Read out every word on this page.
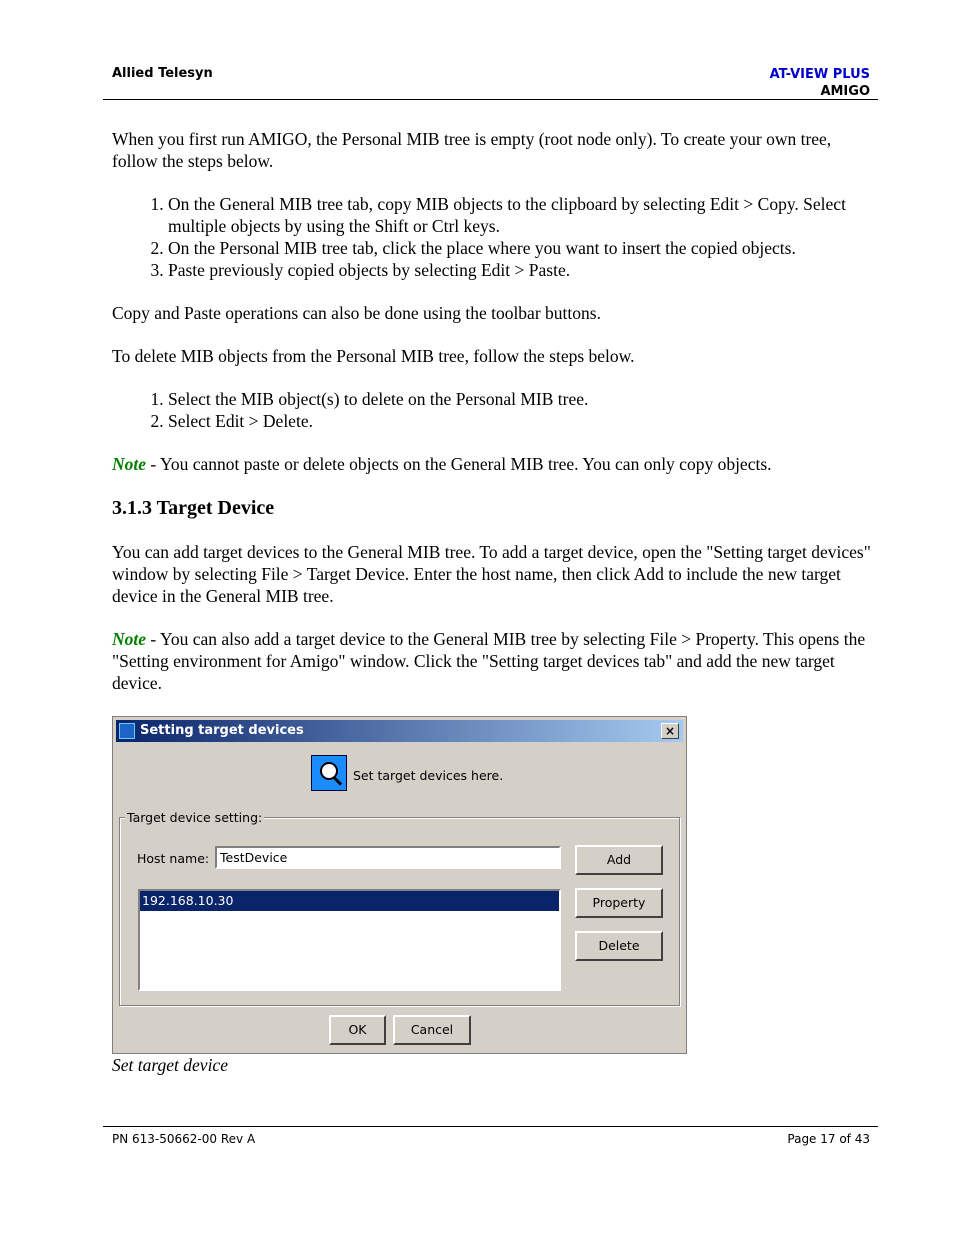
Allied Telesyn	AT-VIEW PLUS
AMIGO

When you first run AMIGO, the Personal MIB tree is empty (root node only). To create your own tree, follow the steps below.

1. On the General MIB tree tab, copy MIB objects to the clipboard by selecting Edit > Copy. Select multiple objects by using the Shift or Ctrl keys.
2. On the Personal MIB tree tab, click the place where you want to insert the copied objects.
3. Paste previously copied objects by selecting Edit > Paste.

Copy and Paste operations can also be done using the toolbar buttons.

To delete MIB objects from the Personal MIB tree, follow the steps below.

1. Select the MIB object(s) to delete on the Personal MIB tree.
2. Select Edit > Delete.

Note - You cannot paste or delete objects on the General MIB tree. You can only copy objects.

3.1.3 Target Device

You can add target devices to the General MIB tree. To add a target device, open the "Setting target devices" window by selecting File > Target Device. Enter the host name, then click Add to include the new target device in the General MIB tree.

Note - You can also add a target device to the General MIB tree by selecting File > Property. This opens the "Setting environment for Amigo" window. Click the "Setting target devices tab" and add the new target device.

Setting target devices	×
Set target devices here.
Target device setting:
Host name: TestDevice
192.168.10.30
Add
Property
Delete
OK	Cancel
Set target device
PN 613-50662-00 Rev A	Page 17 of 43
